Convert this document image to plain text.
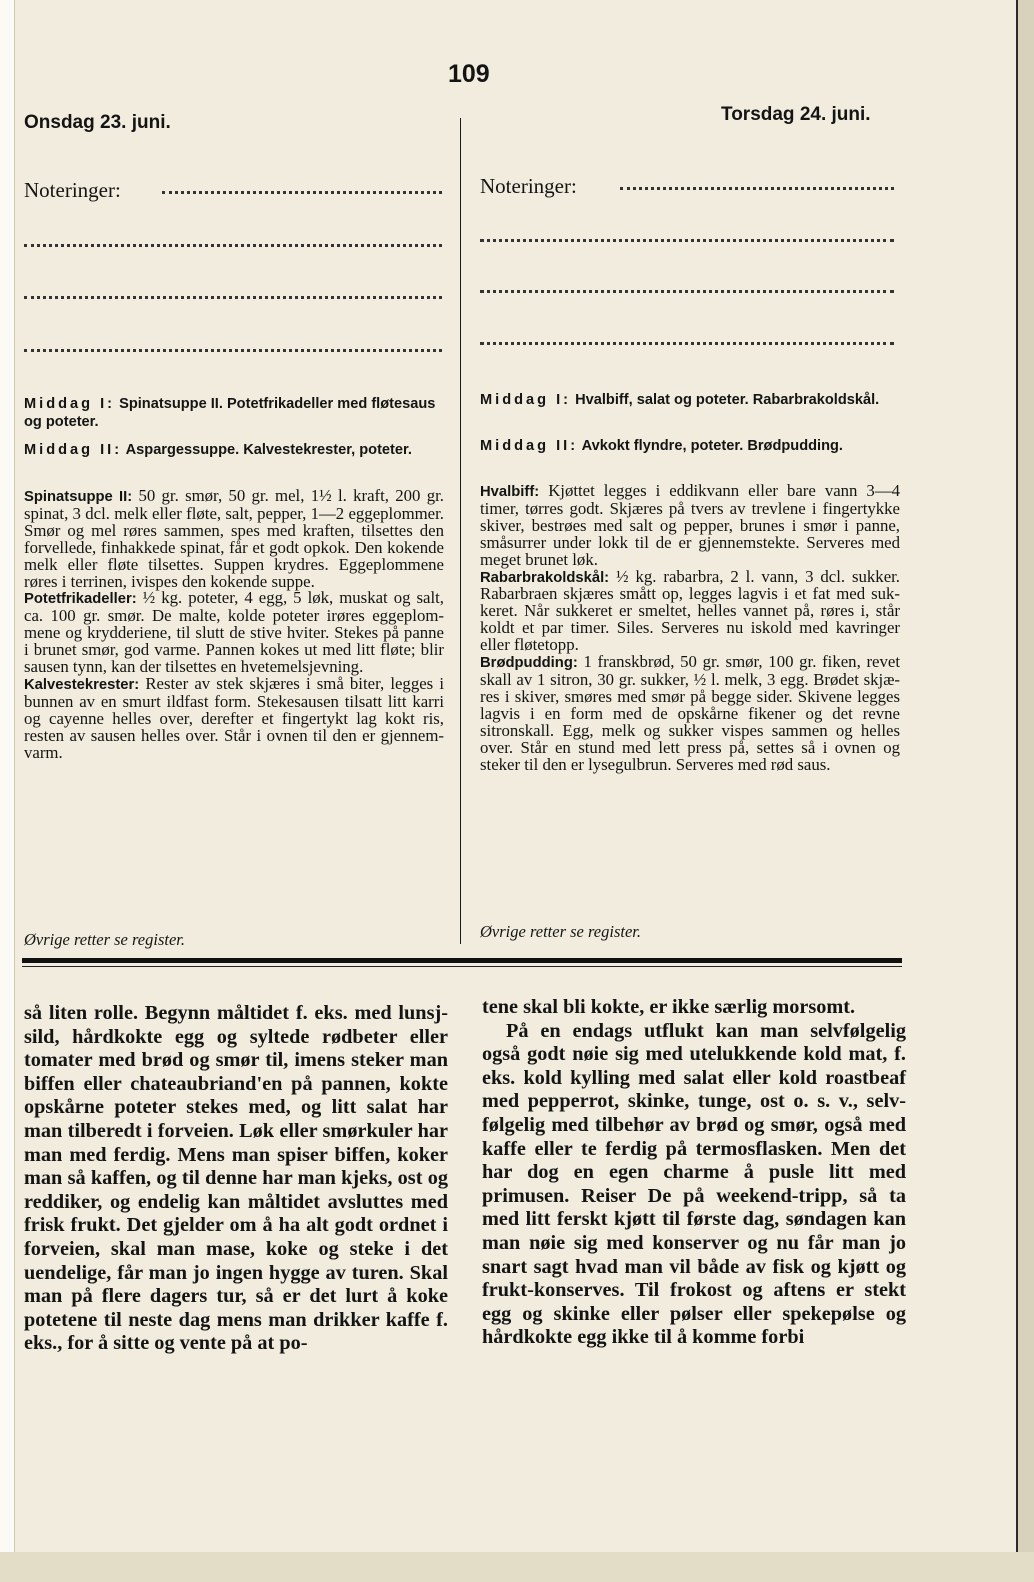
109
Onsdag 23. juni.	Torsdag 24. juni.
Noteringer:	Noteringer:
Middag I: Spinatsuppe II. Potetfrikadeller med fløtesaus og poteter.
Middag II: Aspargessuppe. Kalvestekrester, poteter.

Spinatsuppe II: 50 gr. smør, 50 gr. mel, 1½ l. kraft, 200 gr. spinat, 3 dcl. melk eller fløte, salt, pepper, 1—2 eggeplommer. Smør og mel røres sammen, spes med kraften, tilsettes den forvellede, finhakkede spinat, får et godt opkok. Den kokende melk eller fløte tilsettes. Suppen krydres. Eggeplommene røres i terrinen, ivispes den kokende suppe.

Potetfrikadeller: ½ kg. poteter, 4 egg, 5 løk, muskat og salt, ca. 100 gr. smør. De malte, kolde poteter irøres eggeplommene og krydderiene, til slutt de stive hviter. Stekes på panne i brunet smør, god varme. Pannen kokes ut med litt fløte; blir sausen tynn, kan der tilsettes en hvetemelsjevning.

Kalvestekrester: Rester av stek skjæres i små biter, legges i bunnen av en smurt ildfast form. Stekesausen tilsatt litt karri og cayenne helles over, derefter et fingertykt lag kokt ris, resten av sausen helles over. Står i ovnen til den er gjennemvarm.

Øvrige retter se register.
Middag I: Hvalbiff, salat og poteter. Rabarbrakoldskål.
Middag II: Avkokt flyndre, poteter. Brødpudding.

Hvalbiff: Kjøttet legges i eddikvann eller bare vann 3—4 timer, tørres godt. Skjæres på tvers av trevlene i fingertykke skiver, bestrøes med salt og pepper, brunes i smør i panne, småsurrer under lokk til de er gjennemstekte. Serveres med meget brunet løk.

Rabarbrakoldskål: ½ kg. rabarbra, 2 l. vann, 3 dcl. sukker. Rabarbraen skjæres smått op, legges lagvis i et fat med sukkeret. Når sukkeret er smeltet, helles vannet på, røres i, står koldt et par timer. Siles. Serveres nu iskold med kavringer eller fløtetopp.

Brødpudding: 1 franskbrød, 50 gr. smør, 100 gr. fiken, revet skall av 1 sitron, 30 gr. sukker, ½ l. melk, 3 egg. Brødet skjæres i skiver, smøres med smør på begge sider. Skivene legges lagvis i en form med de opskårne fikener og det revne sitronskall. Egg, melk og sukker vispes sammen og helles over. Står en stund med lett press på, settes så i ovnen og steker til den er lysegulbrun. Serveres med rød saus.

Øvrige retter se register.
så liten rolle. Begynn måltidet f. eks. med lunsj-sild, hårdkokte egg og syltede rødbeter eller tomater med brød og smør til, imens steker man biffen eller chateaubriand'en på pannen, kokte opskårne poteter stekes med, og litt salat har man tilberedt i forveien. Løk eller smørkuler har man med ferdig. Mens man spiser biffen, koker man så kaffen, og til denne har man kjeks, ost og reddiker, og endelig kan måltidet avsluttes med frisk frukt. Det gjelder om å ha alt godt ordnet i forveien, skal man mase, koke og steke i det uendelige, får man jo ingen hygge av turen. Skal man på flere dagers tur, så er det lurt å koke potetene til neste dag mens man drikker kaffe f. eks., for å sitte og vente på at po-
tene skal bli kokte, er ikke særlig morsomt.
På en endags utflukt kan man selvfølgelig også godt nøie sig med utelukkende kold mat, f. eks. kold kylling med salat eller kold roastbeaf med pepperrot, skinke, tunge, ost o. s. v., selvfølgelig med tilbehør av brød og smør, også med kaffe eller te ferdig på termosflasken. Men det har dog en egen charme å pusle litt med primusen. Reiser De på weekend-tripp, så ta med litt ferskt kjøtt til første dag, søndagen kan man nøie sig med konserver og nu får man jo snart sagt hvad man vil både av fisk og kjøtt og frukt-konserves. Til frokost og aftens er stekt egg og skinke eller pølser eller spekepølse og hårdkokte egg ikke til å komme forbi
